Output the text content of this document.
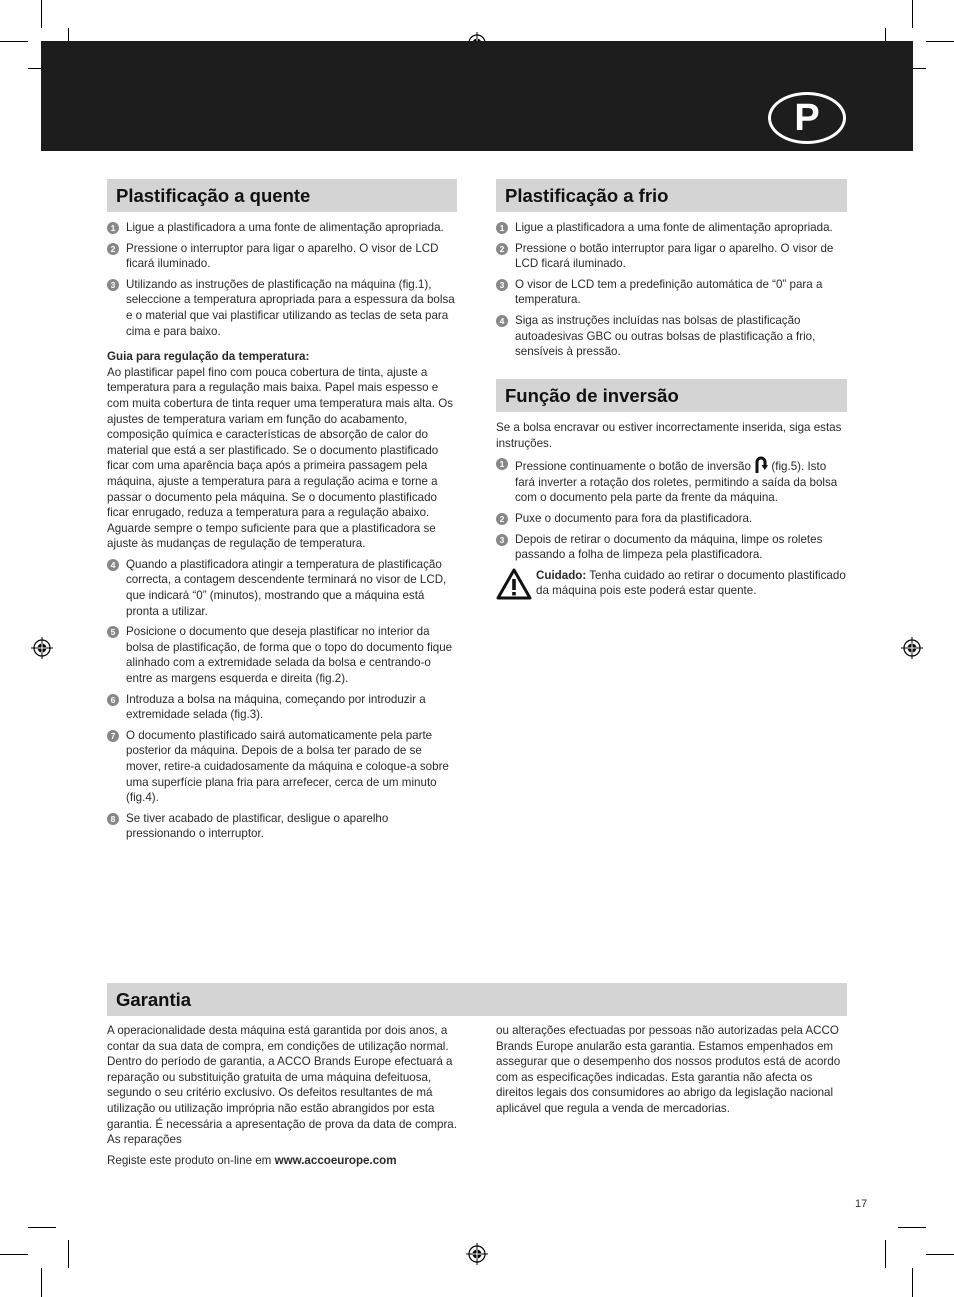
P
Plastificação a quente
1 Ligue a plastificadora a uma fonte de alimentação apropriada.
2 Pressione o interruptor para ligar o aparelho. O visor de LCD ficará iluminado.
3 Utilizando as instruções de plastificação na máquina (fig.1), seleccione a temperatura apropriada para a espessura da bolsa e o material que vai plastificar utilizando as teclas de seta para cima e para baixo.
Guia para regulação da temperatura:
Ao plastificar papel fino com pouca cobertura de tinta, ajuste a temperatura para a regulação mais baixa. Papel mais espesso e com muita cobertura de tinta requer uma temperatura mais alta. Os ajustes de temperatura variam em função do acabamento, composição química e características de absorção de calor do material que está a ser plastificado. Se o documento plastificado ficar com uma aparência baça após a primeira passagem pela máquina, ajuste a temperatura para a regulação acima e torne a passar o documento pela máquina. Se o documento plastificado ficar enrugado, reduza a temperatura para a regulação abaixo. Aguarde sempre o tempo suficiente para que a plastificadora se ajuste às mudanças de regulação de temperatura.
4 Quando a plastificadora atingir a temperatura de plastificação correcta, a contagem descendente terminará no visor de LCD, que indicará “0” (minutos), mostrando que a máquina está pronta a utilizar.
5 Posicione o documento que deseja plastificar no interior da bolsa de plastificação, de forma que o topo do documento fique alinhado com a extremidade selada da bolsa e centrando-o entre as margens esquerda e direita (fig.2).
6 Introduza a bolsa na máquina, começando por introduzir a extremidade selada (fig.3).
7 O documento plastificado sairá automaticamente pela parte posterior da máquina. Depois de a bolsa ter parado de se mover, retire-a cuidadosamente da máquina e coloque-a sobre uma superfície plana fria para arrefecer, cerca de um minuto (fig.4).
8 Se tiver acabado de plastificar, desligue o aparelho pressionando o interruptor.
Plastificação a frio
1 Ligue a plastificadora a uma fonte de alimentação apropriada.
2 Pressione o botão interruptor para ligar o aparelho. O visor de LCD ficará iluminado.
3 O visor de LCD tem a predefinição automática de “0” para a temperatura.
4 Siga as instruções incluídas nas bolsas de plastificação autoadesivas GBC ou outras bolsas de plastificação a frio, sensíveis à pressão.
Função de inversão
Se a bolsa encravar ou estiver incorrectamente inserida, siga estas instruções.
1 Pressione continuamente o botão de inversão (fig.5). Isto fará inverter a rotação dos roletes, permitindo a saída da bolsa com o documento pela parte da frente da máquina.
2 Puxe o documento para fora da plastificadora.
3 Depois de retirar o documento da máquina, limpe os roletes passando a folha de limpeza pela plastificadora.
Cuidado: Tenha cuidado ao retirar o documento plastificado da máquina pois este poderá estar quente.
Garantia
A operacionalidade desta máquina está garantida por dois anos, a contar da sua data de compra, em condições de utilização normal. Dentro do período de garantia, a ACCO Brands Europe efectuará a reparação ou substituição gratuita de uma máquina defeituosa, segundo o seu critério exclusivo. Os defeitos resultantes de má utilização ou utilização imprópria não estão abrangidos por esta garantia. É necessária a apresentação de prova da data de compra. As reparações
Registe este produto on-line em www.accoeurope.com
ou alterações efectuadas por pessoas não autorizadas pela ACCO Brands Europe anularão esta garantia. Estamos empenhados em assegurar que o desempenho dos nossos produtos está de acordo com as especificações indicadas. Esta garantia não afecta os direitos legais dos consumidores ao abrigo da legislação nacional aplicável que regula a venda de mercadorias.
17
